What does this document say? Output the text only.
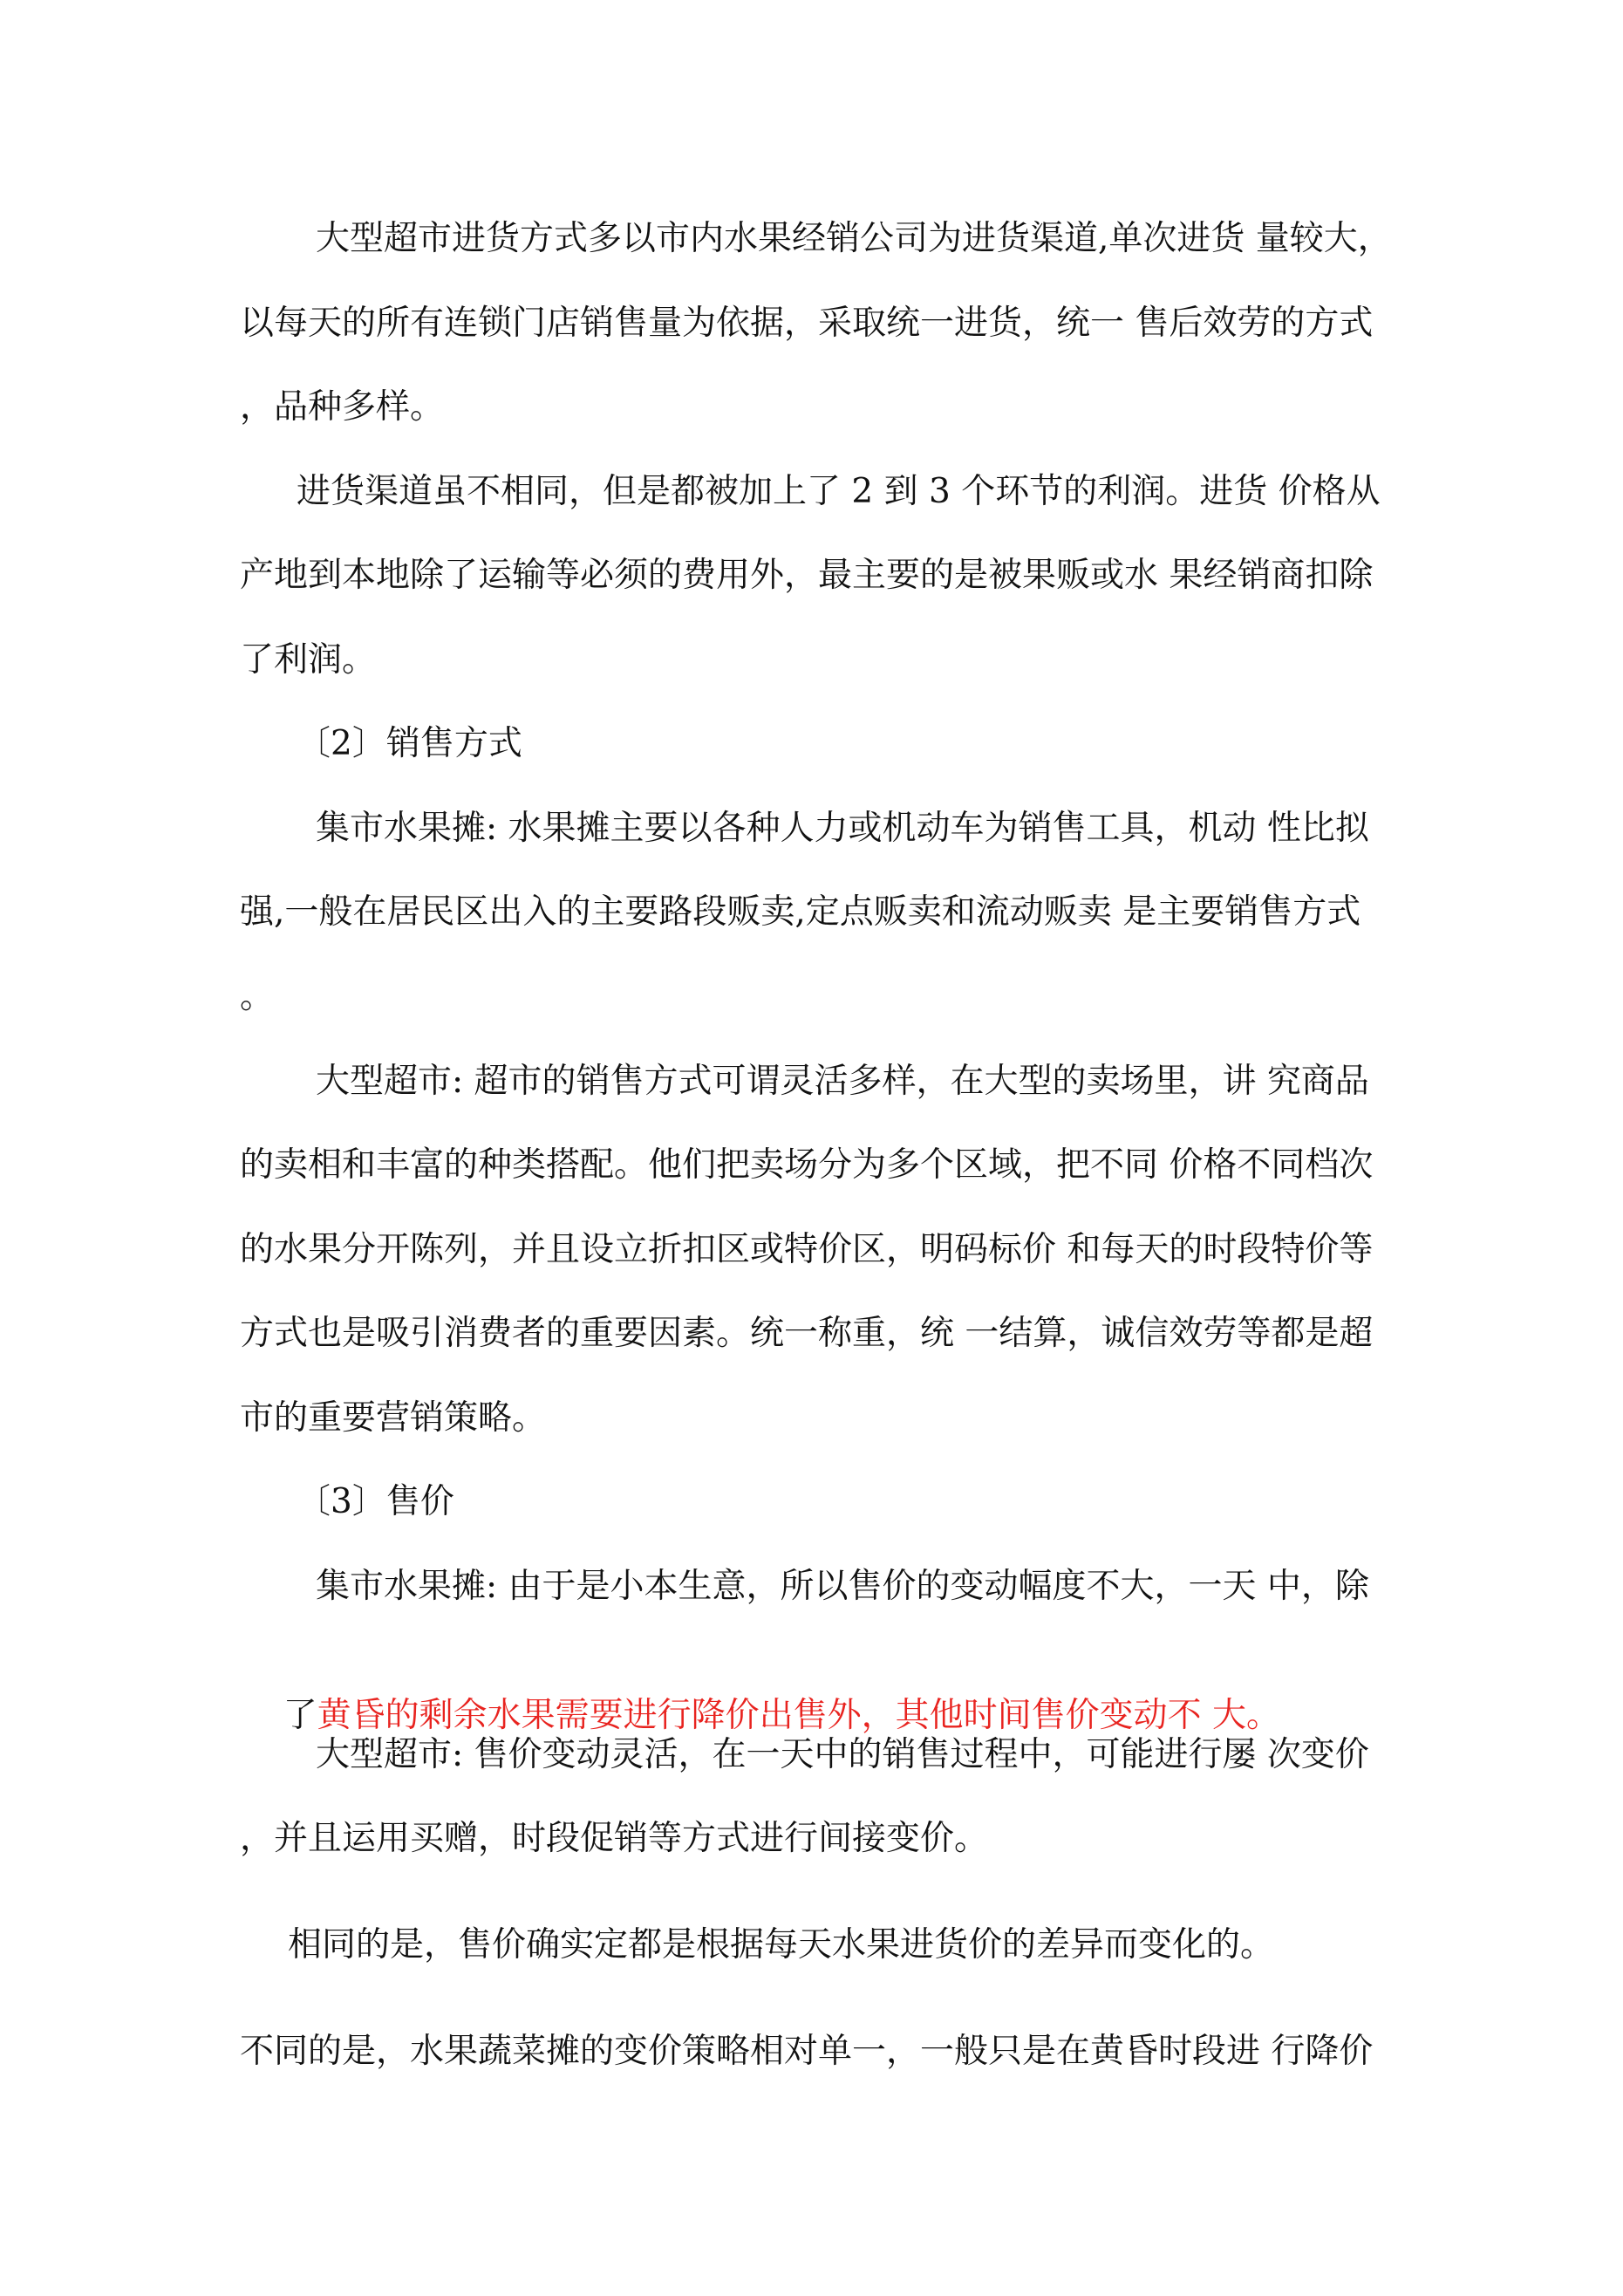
大型超市进货方式多以市内水果经销公司为进货渠道,单次进货 量较大，
以每天的所有连锁门店销售量为依据，采取统一进货，统一 售后效劳的方式
，品种多样。
进货渠道虽不相同，但是都被加上了 2 到 3 个环节的利润。进货 价格从
产地到本地除了运输等必须的费用外，最主要的是被果贩或水 果经销商扣除
了利润。
〔2〕销售方式
集市水果摊: 水果摊主要以各种人力或机动车为销售工具，机动 性比拟
强,一般在居民区出入的主要路段贩卖,定点贩卖和流动贩卖 是主要销售方式
。
大型超市: 超市的销售方式可谓灵活多样，在大型的卖场里，讲 究商品
的卖相和丰富的种类搭配。他们把卖场分为多个区域，把不同 价格不同档次
的水果分开陈列，并且设立折扣区或特价区，明码标价 和每天的时段特价等
方式也是吸引消费者的重要因素。统一称重，统 一结算，诚信效劳等都是超
市的重要营销策略。
〔3〕售价
集市水果摊: 由于是小本生意，所以售价的变动幅度不大，一天 中，除

了黄昏的剩余水果需要进行降价出售外，其他时间售价变动不 大。

大型超市: 售价变动灵活，在一天中的销售过程中，可能进行屡 次变价
，并且运用买赠，时段促销等方式进行间接变价。
相同的是，售价确实定都是根据每天水果进货价的差异而变化的。
不同的是，水果蔬菜摊的变价策略相对单一，一般只是在黄昏时段进 行降价
